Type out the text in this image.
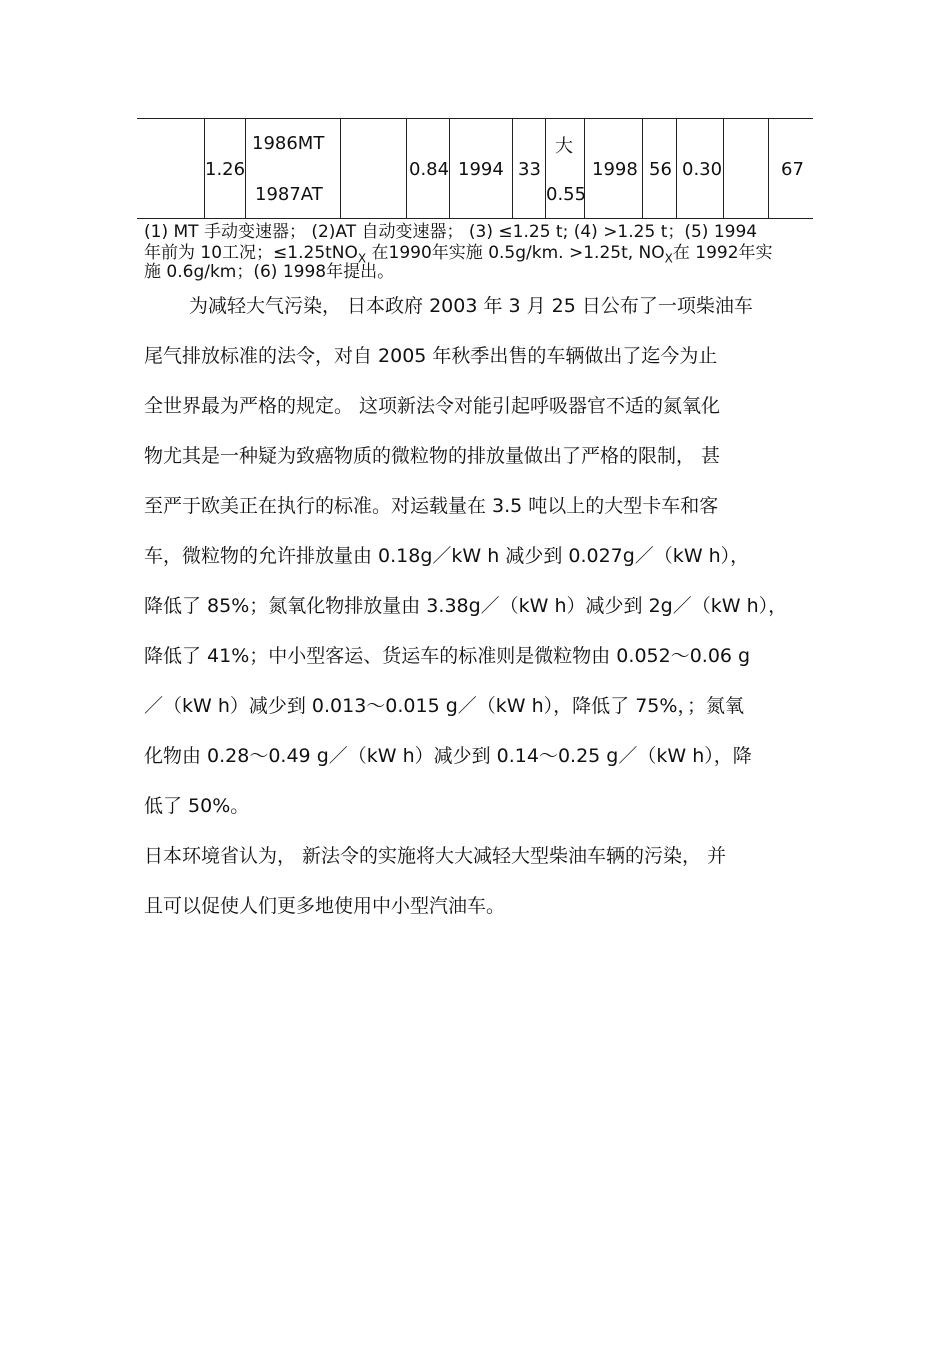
1.26
1986MT
1987AT
0.84 1994 33
大
0.55
1998 56 0.30	67
(1) MT 手动变速器； (2)AT 自动变速器； (3) ≤1.25 t; (4) >1.25 t；(5) 1994
年前为 10工况；≤1.25tNO$_X$ 在1990年实施 0.5g/km. >1.25t, $NO_X$在 1992年实
施 0.6g/km；(6) 1998年提出。
为减轻大气污染， 日本政府 2003 年 3 月 25 日公布了一项柴油车
尾气排放标准的法令，对自 2005 年秋季出售的车辆做出了迄今为止
全世界最为严格的规定。 这项新法令对能引起呼吸器官不适的氮氧化
物尤其是一种疑为致癌物质的微粒物的排放量做出了严格的限制， 甚
至严于欧美正在执行的标准。对运载量在 3.5 吨以上的大型卡车和客
车，微粒物的允许排放量由 0.18g／kW h 减少到 0.027g／（kW h），
降低了 85%；氮氧化物排放量由 3.38g／（kW h）减少到 2g／（kW h），
降低了 41%；中小型客运、货运车的标准则是微粒物由 0.052～0.06 g
／（kW h）减少到 0.013～0.015 g／（kW h），降低了 75%，；氮氧
化物由 0.28～0.49 g／（kW h）减少到 0.14～0.25 g／（kW h），降
低了 50%。
日本环境省认为， 新法令的实施将大大减轻大型柴油车辆的污染， 并
且可以促使人们更多地使用中小型汽油车。
